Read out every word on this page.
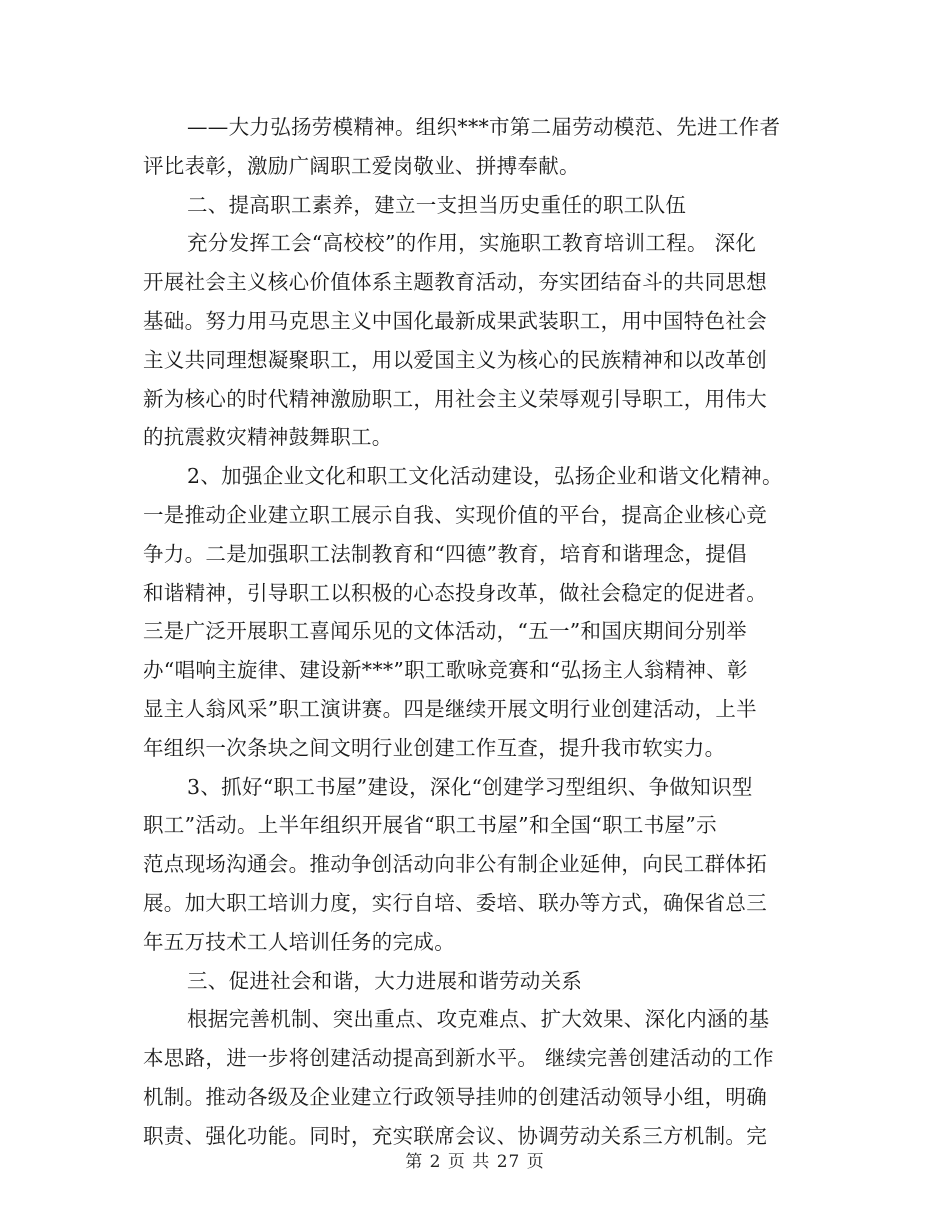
——大力弘扬劳模精神。组织***市第二届劳动模范、先进工作者
评比表彰，激励广阔职工爱岗敬业、拼搏奉献。
二、提高职工素养，建立一支担当历史重任的职工队伍
充分发挥工会“高校校”的作用，实施职工教育培训工程。 深化
开展社会主义核心价值体系主题教育活动，夯实团结奋斗的共同思想
基础。努力用马克思主义中国化最新成果武装职工，用中国特色社会
主义共同理想凝聚职工，用以爱国主义为核心的民族精神和以改革创
新为核心的时代精神激励职工，用社会主义荣辱观引导职工，用伟大
的抗震救灾精神鼓舞职工。
2、加强企业文化和职工文化活动建设，弘扬企业和谐文化精神。
一是推动企业建立职工展示自我、实现价值的平台，提高企业核心竞
争力。二是加强职工法制教育和“四德”教育，培育和谐理念，提倡
和谐精神，引导职工以积极的心态投身改革，做社会稳定的促进者。
三是广泛开展职工喜闻乐见的文体活动，“五一”和国庆期间分别举
办“唱响主旋律、建设新***”职工歌咏竞赛和“弘扬主人翁精神、彰
显主人翁风采”职工演讲赛。四是继续开展文明行业创建活动，上半
年组织一次条块之间文明行业创建工作互查，提升我市软实力。
3、抓好“职工书屋”建设，深化“创建学习型组织、争做知识型
职工”活动。上半年组织开展省“职工书屋”和全国“职工书屋”示
范点现场沟通会。推动争创活动向非公有制企业延伸，向民工群体拓
展。加大职工培训力度，实行自培、委培、联办等方式，确保省总三
年五万技术工人培训任务的完成。
三、促进社会和谐，大力进展和谐劳动关系
根据完善机制、突出重点、攻克难点、扩大效果、深化内涵的基
本思路，进一步将创建活动提高到新水平。 继续完善创建活动的工作
机制。推动各级及企业建立行政领导挂帅的创建活动领导小组，明确
职责、强化功能。同时，充实联席会议、协调劳动关系三方机制。完
第 2 页 共 27 页
